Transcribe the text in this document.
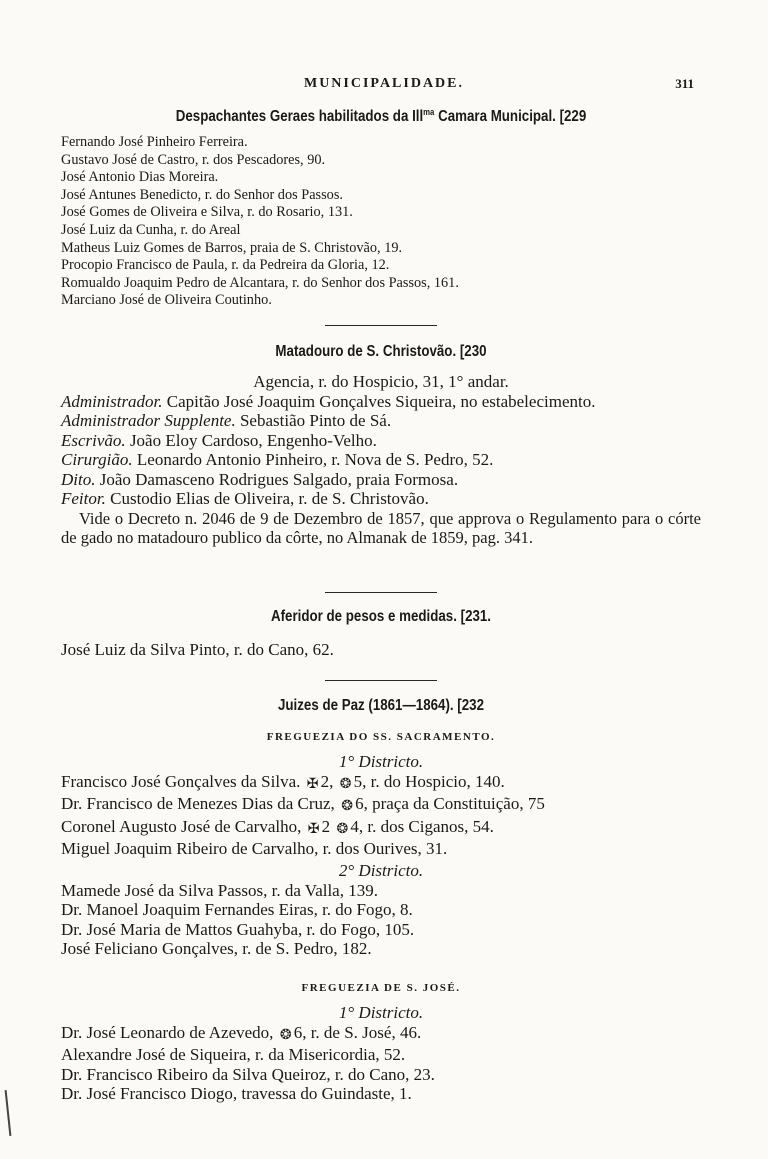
MUNICIPALIDADE.	311
Despachantes Geraes habilitados da Ill$^{ma}$ Camara Municipal. [229
Fernando José Pinheiro Ferreira.
Gustavo José de Castro, r. dos Pescadores, 90.
José Antonio Dias Moreira.
José Antunes Benedicto, r. do Senhor dos Passos.
José Gomes de Oliveira e Silva, r. do Rosario, 131.
José Luiz da Cunha, r. do Areal
Matheus Luiz Gomes de Barros, praia de S. Christovão, 19.
Procopio Francisco de Paula, r. da Pedreira da Gloria, 12.
Romualdo Joaquim Pedro de Alcantara, r. do Senhor dos Passos, 161.
Marciano José de Oliveira Coutinho.
Matadouro de S. Christovão. [230
Agencia, r. do Hospicio, 31, 1° andar.
Administrador. Capitão José Joaquim Gonçalves Siqueira, no estabelecimento.
Administrador Supplente. Sebastião Pinto de Sá.
Escrivão. João Eloy Cardoso, Engenho-Velho.
Cirurgião. Leonardo Antonio Pinheiro, r. Nova de S. Pedro, 52.
Dito. João Damasceno Rodrigues Salgado, praia Formosa.
Feitor. Custodio Elias de Oliveira, r. de S. Christovão.
Vide o Decreto n. 2046 de 9 de Dezembro de 1857, que approva o Regulamento para o córte de gado no matadouro publico da côrte, no Almanak de 1859, pag. 341.
Aferidor de pesos e medidas. [231.
José Luiz da Silva Pinto, r. do Cano, 62.
Juizes de Paz (1861—1864). [232
FREGUEZIA DO SS. SACRAMENTO.
1° Districto.
Francisco José Gonçalves da Silva. ✠ 2, ❂ 5, r. do Hospicio, 140.
Dr. Francisco de Menezes Dias da Cruz, ❂ 6, praça da Constituição, 75
Coronel Augusto José de Carvalho, ✠ 2 ❂ 4, r. dos Ciganos, 54.
Miguel Joaquim Ribeiro de Carvalho, r. dos Ourives, 31.
2° Districto.
Mamede José da Silva Passos, r. da Valla, 139.
Dr. Manoel Joaquim Fernandes Eiras, r. do Fogo, 8.
Dr. José Maria de Mattos Guahyba, r. do Fogo, 105.
José Feliciano Gonçalves, r. de S. Pedro, 182.
FREGUEZIA DE S. JOSÉ.
1° Districto.
Dr. José Leonardo de Azevedo, ❂ 6, r. de S. José, 46.
Alexandre José de Siqueira, r. da Misericordia, 52.
Dr. Francisco Ribeiro da Silva Queiroz, r. do Cano, 23.
Dr. José Francisco Diogo, travessa do Guindaste, 1.
